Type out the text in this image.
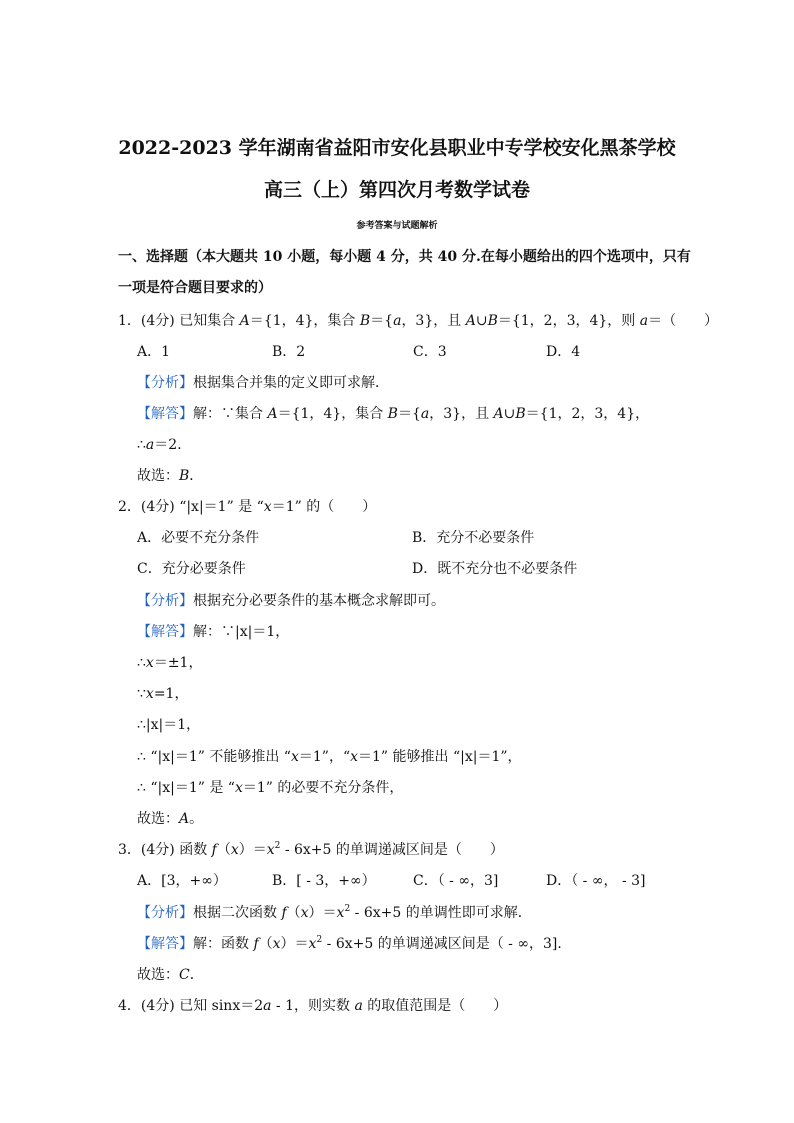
2022-2023 学年湖南省益阳市安化县职业中专学校安化黑茶学校
高三（上）第四次月考数学试卷
参考答案与试题解析
一、选择题（本大题共 10 小题，每小题 4 分，共 40 分.在每小题给出的四个选项中，只有
一项是符合题目要求的）
1．(4分) 已知集合 A＝{1，4}，集合 B＝{a，3}，且 A∪B＝{1，2，3，4}，则 a＝（　　）
A．1	B．2	C．3	D．4
【分析】根据集合并集的定义即可求解．
【解答】解：∵集合 A＝{1，4}，集合 B＝{a，3}，且 A∪B＝{1，2，3，4}，
∴a＝2．
故选：B．
2．(4分) “|x|＝1” 是 “x＝1” 的（　　）
A．必要不充分条件	B．充分不必要条件
C．充分必要条件	D．既不充分也不必要条件
【分析】根据充分必要条件的基本概念求解即可。
【解答】解：∵|x|＝1，
∴x＝±1，
∵x=1，
∴|x|＝1，
∴ “|x|＝1” 不能够推出 “x＝1”，“x＝1” 能够推出 “|x|＝1”，
∴ “|x|＝1” 是 “x＝1” 的必要不充分条件，
故选：A。
3．(4分) 函数 $f(x)=x^2 - 6x+5$ 的单调递减区间是（　　）
A．[3，+∞）	B．[ - 3，+∞）	C．（ - ∞，3]	D．（ - ∞， - 3]
【分析】根据二次函数 $f(x)=x^2 - 6x+5$ 的单调性即可求解．
【解答】解：函数 $f(x)=x^2 - 6x+5$ 的单调递减区间是（ - ∞，3]．
故选：C．
4．(4分) 已知 sinx＝2a - 1，则实数 a 的取值范围是（　　）
